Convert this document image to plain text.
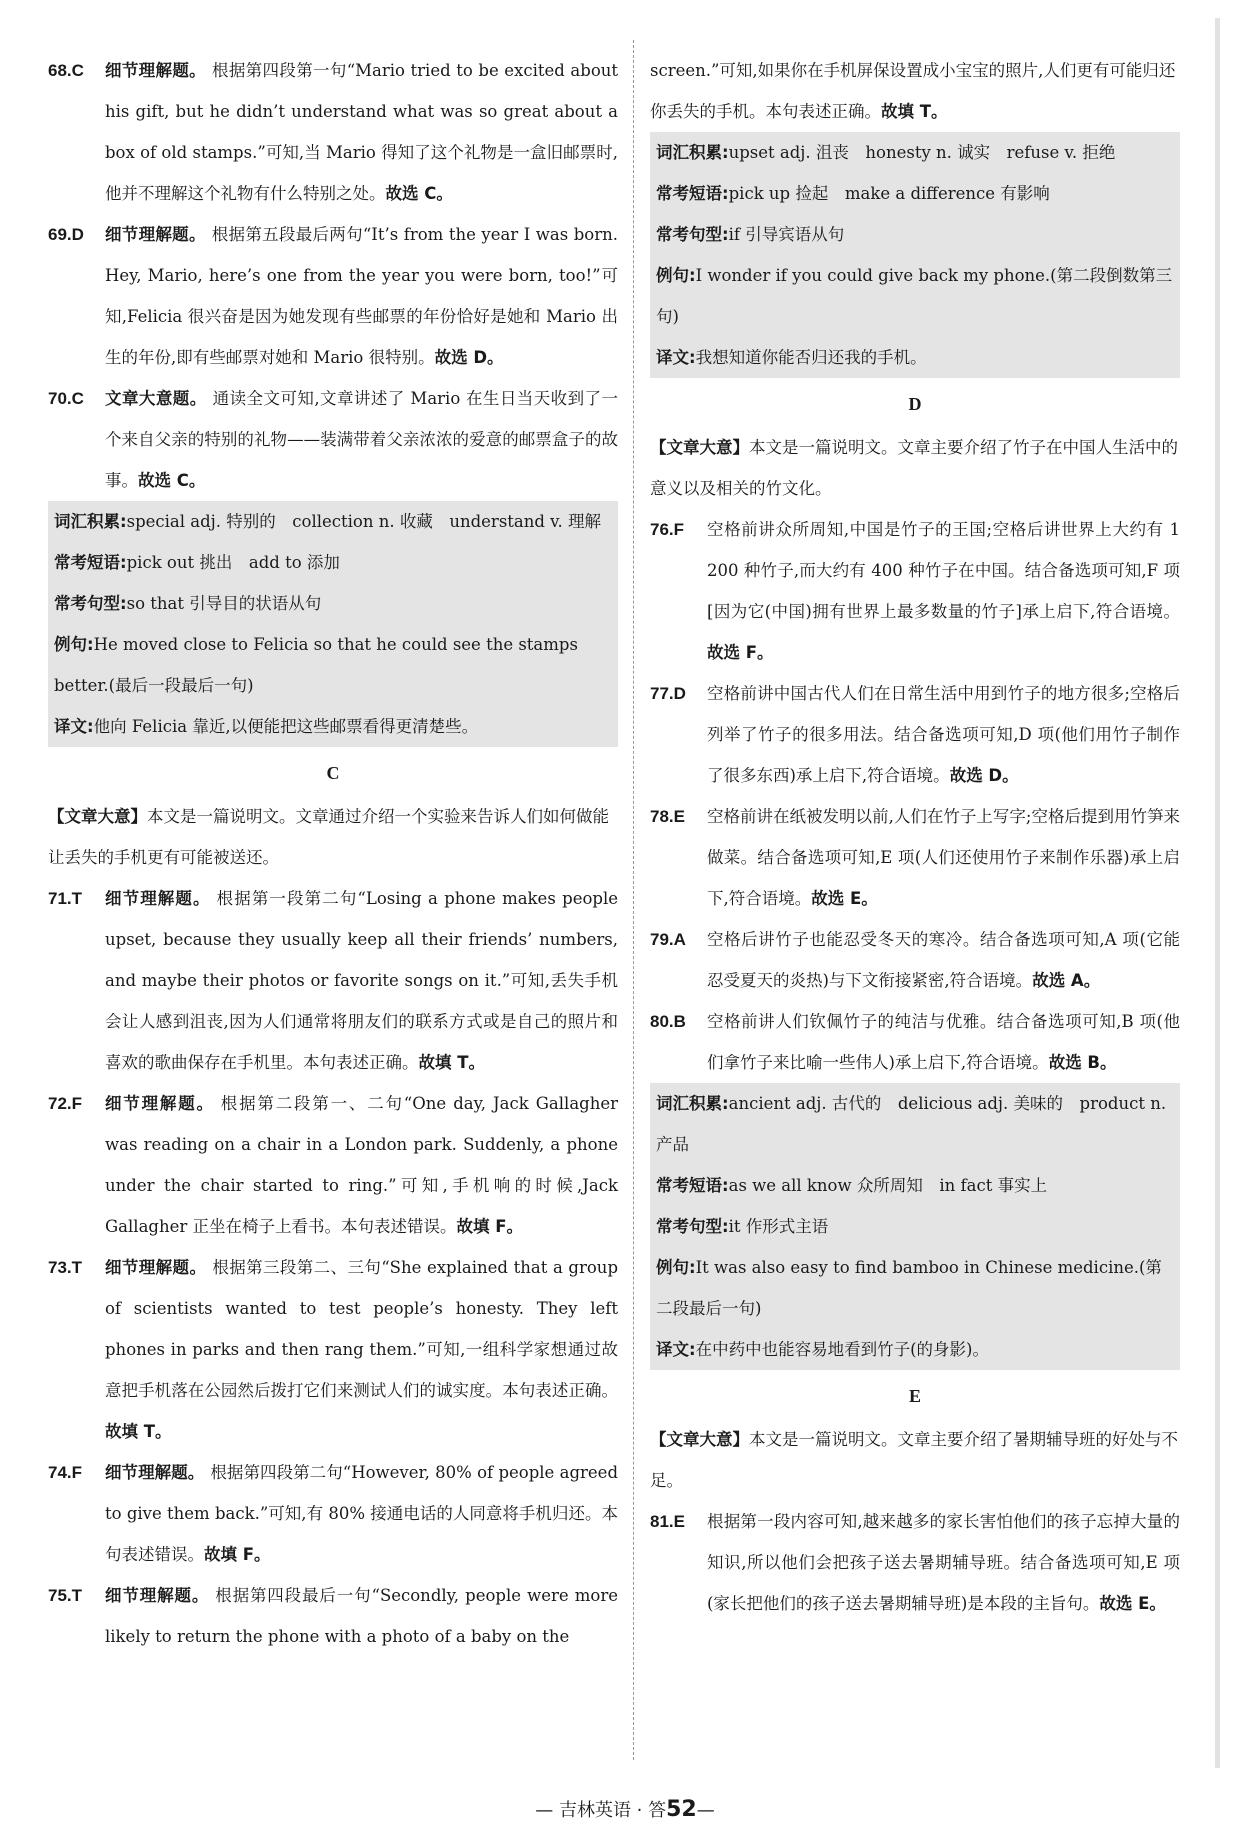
68.C	细节理解题。 根据第四段第一句“Mario tried to be excited about his gift, but he didn’t understand what was so great about a box of old stamps.”可知,当 Mario 得知了这个礼物是一盒旧邮票时,他并不理解这个礼物有什么特别之处。故选 C。
69.D	细节理解题。 根据第五段最后两句“It’s from the year I was born. Hey, Mario, here’s one from the year you were born, too!”可知,Felicia 很兴奋是因为她发现有些邮票的年份恰好是她和 Mario 出生的年份,即有些邮票对她和 Mario 很特别。故选 D。
70.C	文章大意题。 通读全文可知,文章讲述了 Mario 在生日当天收到了一个来自父亲的特别的礼物——装满带着父亲浓浓的爱意的邮票盒子的故事。故选 C。
词汇积累:special adj. 特别的　collection n. 收藏　understand v. 理解
常考短语:pick out 挑出　add to 添加
常考句型:so that 引导目的状语从句
例句:He moved close to Felicia so that he could see the stamps better.(最后一段最后一句)
译文:他向 Felicia 靠近,以便能把这些邮票看得更清楚些。
C
【文章大意】本文是一篇说明文。文章通过介绍一个实验来告诉人们如何做能让丢失的手机更有可能被送还。
71.T	细节理解题。 根据第一段第二句“Losing a phone makes people upset, because they usually keep all their friends’ numbers, and maybe their photos or favorite songs on it.”可知,丢失手机会让人感到沮丧,因为人们通常将朋友们的联系方式或是自己的照片和喜欢的歌曲保存在手机里。本句表述正确。故填 T。
72.F	细节理解题。 根据第二段第一、二句“One day, Jack Gallagher was reading on a chair in a London park. Suddenly, a phone under the chair started to ring.”可知,手机响的时候,Jack Gallagher 正坐在椅子上看书。本句表述错误。故填 F。
73.T	细节理解题。 根据第三段第二、三句“She explained that a group of scientists wanted to test people’s honesty. They left phones in parks and then rang them.”可知,一组科学家想通过故意把手机落在公园然后拨打它们来测试人们的诚实度。本句表述正确。故填 T。
74.F	细节理解题。 根据第四段第二句“However, 80% of people agreed to give them back.”可知,有 80% 接通电话的人同意将手机归还。本句表述错误。故填 F。
75.T	细节理解题。 根据第四段最后一句“Secondly, people were more likely to return the phone with a photo of a baby on the
screen.”可知,如果你在手机屏保设置成小宝宝的照片,人们更有可能归还你丢失的手机。本句表述正确。故填 T。
词汇积累:upset adj. 沮丧　honesty n. 诚实　refuse v. 拒绝
常考短语:pick up 捡起　make a difference 有影响
常考句型:if 引导宾语从句
例句:I wonder if you could give back my phone.(第二段倒数第三句)
译文:我想知道你能否归还我的手机。
D
【文章大意】本文是一篇说明文。文章主要介绍了竹子在中国人生活中的意义以及相关的竹文化。
76.F	空格前讲众所周知,中国是竹子的王国;空格后讲世界上大约有 1 200 种竹子,而大约有 400 种竹子在中国。结合备选项可知,F 项[因为它(中国)拥有世界上最多数量的竹子]承上启下,符合语境。故选 F。
77.D	空格前讲中国古代人们在日常生活中用到竹子的地方很多;空格后列举了竹子的很多用法。结合备选项可知,D 项(他们用竹子制作了很多东西)承上启下,符合语境。故选 D。
78.E	空格前讲在纸被发明以前,人们在竹子上写字;空格后提到用竹笋来做菜。结合备选项可知,E 项(人们还使用竹子来制作乐器)承上启下,符合语境。故选 E。
79.A	空格后讲竹子也能忍受冬天的寒冷。结合备选项可知,A 项(它能忍受夏天的炎热)与下文衔接紧密,符合语境。故选 A。
80.B	空格前讲人们钦佩竹子的纯洁与优雅。结合备选项可知,B 项(他们拿竹子来比喻一些伟人)承上启下,符合语境。故选 B。
词汇积累:ancient adj. 古代的　delicious adj. 美味的　product n. 产品
常考短语:as we all know 众所周知　in fact 事实上
常考句型:it 作形式主语
例句:It was also easy to find bamboo in Chinese medicine.(第二段最后一句)
译文:在中药中也能容易地看到竹子(的身影)。
E
【文章大意】本文是一篇说明文。文章主要介绍了暑期辅导班的好处与不足。
81.E	根据第一段内容可知,越来越多的家长害怕他们的孩子忘掉大量的知识,所以他们会把孩子送去暑期辅导班。结合备选项可知,E 项(家长把他们的孩子送去暑期辅导班)是本段的主旨句。故选 E。
— 吉林英语 · 答52—
